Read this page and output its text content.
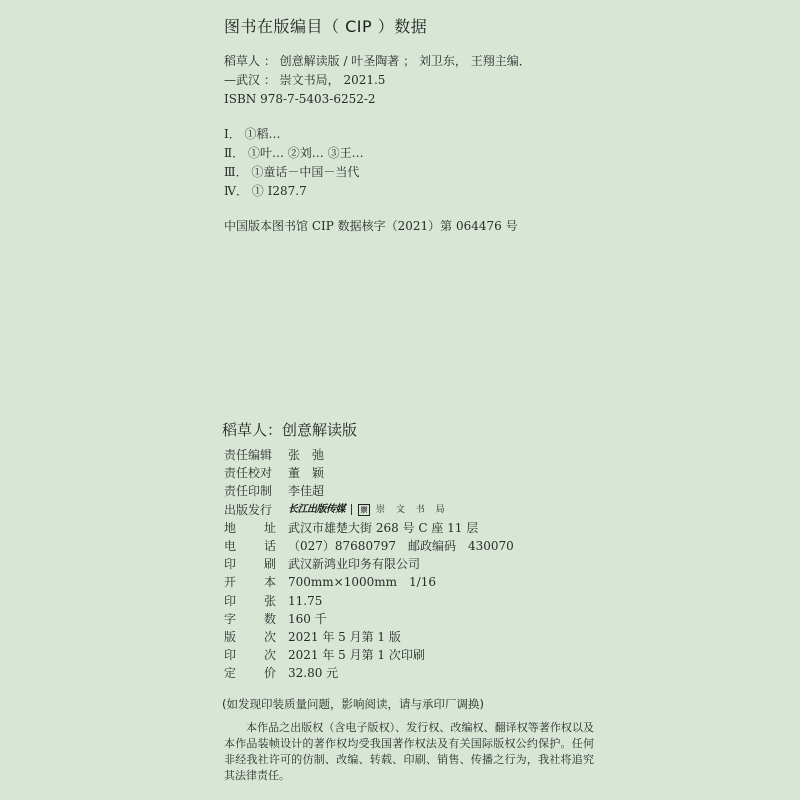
图书在版编目（ CIP ）数据
稻草人 ： 创意解读版 / 叶圣陶著 ； 刘卫东， 王翔主编．
—武汉 ： 崇文书局， 2021.5
ISBN 978-7-5403-6252-2
Ⅰ． ①稻…
Ⅱ． ①叶… ②刘… ③王…
Ⅲ． ①童话－中国－当代
Ⅳ． ① I287.7
中国版本图书馆 CIP 数据核字（2021）第 064476 号
稻草人：创意解读版
责任编辑	张　弛
责任校对	董　颖
责任印制	李佳超
出版发行	长江出版传媒	崇 崇 文 书 局
地 址 武汉市雄楚大街 268 号 C 座 11 层
电 话 （027）87680797　邮政编码　430070
印 刷 武汉新鸿业印务有限公司
开 本 700mm×1000mm　1/16
印 张 11.75
字 数 160 千
版 次 2021 年 5 月第 1 版
印 次 2021 年 5 月第 1 次印刷
定 价 32.80 元
(如发现印装质量问题，影响阅读，请与承印厂调换)
本作品之出版权（含电子版权）、发行权、改编权、翻译权等著作权以及本作品装帧设计的著作权均受我国著作权法及有关国际版权公约保护。任何非经我社许可的仿制、改编、转载、印刷、销售、传播之行为，我社将追究其法律责任。
